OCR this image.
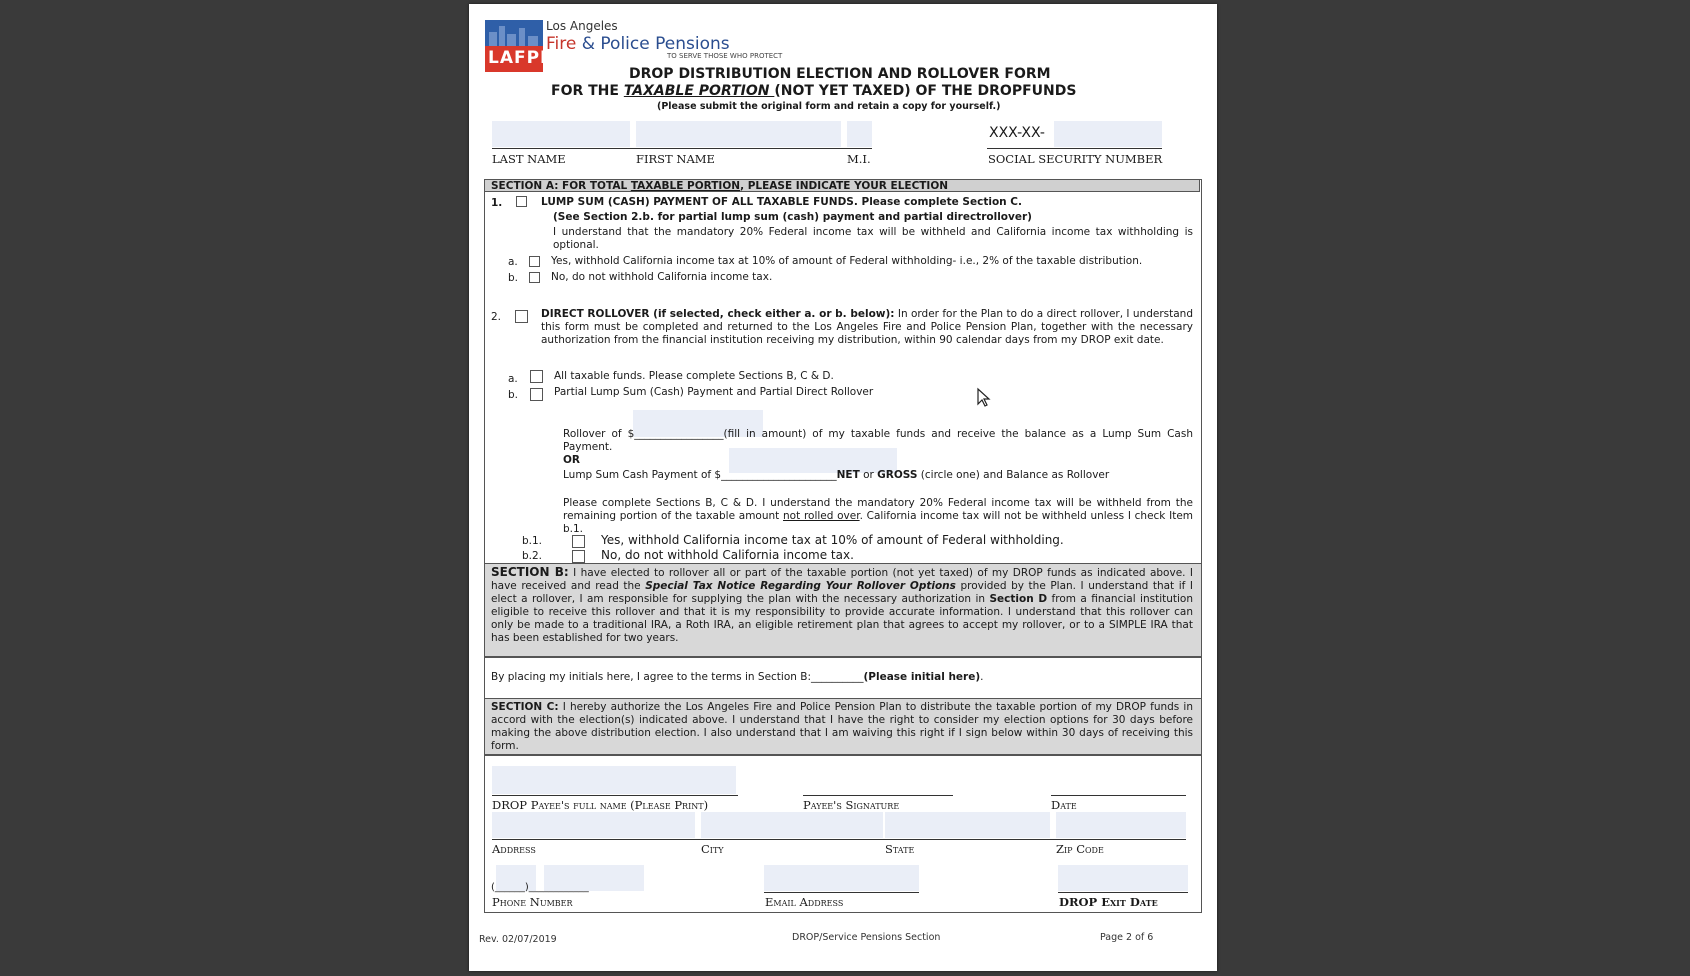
LAFPP
Los Angeles
Fire & Police Pensions
TO SERVE THOSE WHO PROTECT
DROP DISTRIBUTION ELECTION AND ROLLOVER FORM
FOR THE TAXABLE PORTION (NOT YET TAXED) OF THE DROPFUNDS
(Please submit the original form and retain a copy for yourself.)
LAST NAME	FIRST NAME	M.I.
XXX-XX-
SOCIAL SECURITY NUMBER
SECTION A: FOR TOTAL TAXABLE PORTION, PLEASE INDICATE YOUR ELECTION
1.	LUMP SUM (CASH) PAYMENT OF ALL TAXABLE FUNDS. Please complete Section C.
(See Section 2.b. for partial lump sum (cash) payment and partial directrollover)
I understand that the mandatory 20% Federal income tax will be withheld and California income tax withholding is optional.
a.	Yes, withhold California income tax at 10% of amount of Federal withholding- i.e., 2% of the taxable distribution.
b.	No, do not withhold California income tax.
2.	DIRECT ROLLOVER (if selected, check either a. or b. below): In order for the Plan to do a direct rollover, I understand this form must be completed and returned to the Los Angeles Fire and Police Pension Plan, together with the necessary authorization from the financial institution receiving my distribution, within 90 calendar days from my DROP exit date.
a.	All taxable funds. Please complete Sections B, C & D.
b.	Partial Lump Sum (Cash) Payment and Partial Direct Rollover
Rollover of $_________________(fill in amount) of my taxable funds and receive the balance as a Lump Sum Cash Payment.
OR
Lump Sum Cash Payment of $______________________NET or GROSS (circle one) and Balance as Rollover
Please complete Sections B, C & D. I understand the mandatory 20% Federal income tax will be withheld from the remaining portion of the taxable amount not rolled over. California income tax will not be withheld unless I check Item b.1.
b.1.	Yes, withhold California income tax at 10% of amount of Federal withholding.
b.2.	No, do not withhold California income tax.
SECTION B: I have elected to rollover all or part of the taxable portion (not yet taxed) of my DROP funds as indicated above. I have received and read the Special Tax Notice Regarding Your Rollover Options provided by the Plan. I understand that if I elect a rollover, I am responsible for supplying the plan with the necessary authorization in Section D from a financial institution eligible to receive this rollover and that it is my responsibility to provide accurate information. I understand that this rollover can only be made to a traditional IRA, a Roth IRA, an eligible retirement plan that agrees to accept my rollover, or to a SIMPLE IRA that has been established for two years.
By placing my initials here, I agree to the terms in Section B:__________(Please initial here).
SECTION C: I hereby authorize the Los Angeles Fire and Police Pension Plan to distribute the taxable portion of my DROP funds in accord with the election(s) indicated above. I understand that I have the right to consider my election options for 30 days before making the above distribution election. I also understand that I am waiving this right if I sign below within 30 days of receiving this form.
DROP Payee's full name (Please Print)	Payee's Signature	Date
Address	City	State	Zip Code
(______)____________
Phone Number	Email Address	DROP Exit Date
Rev. 02/07/2019	DROP/Service Pensions Section	Page 2 of 6
